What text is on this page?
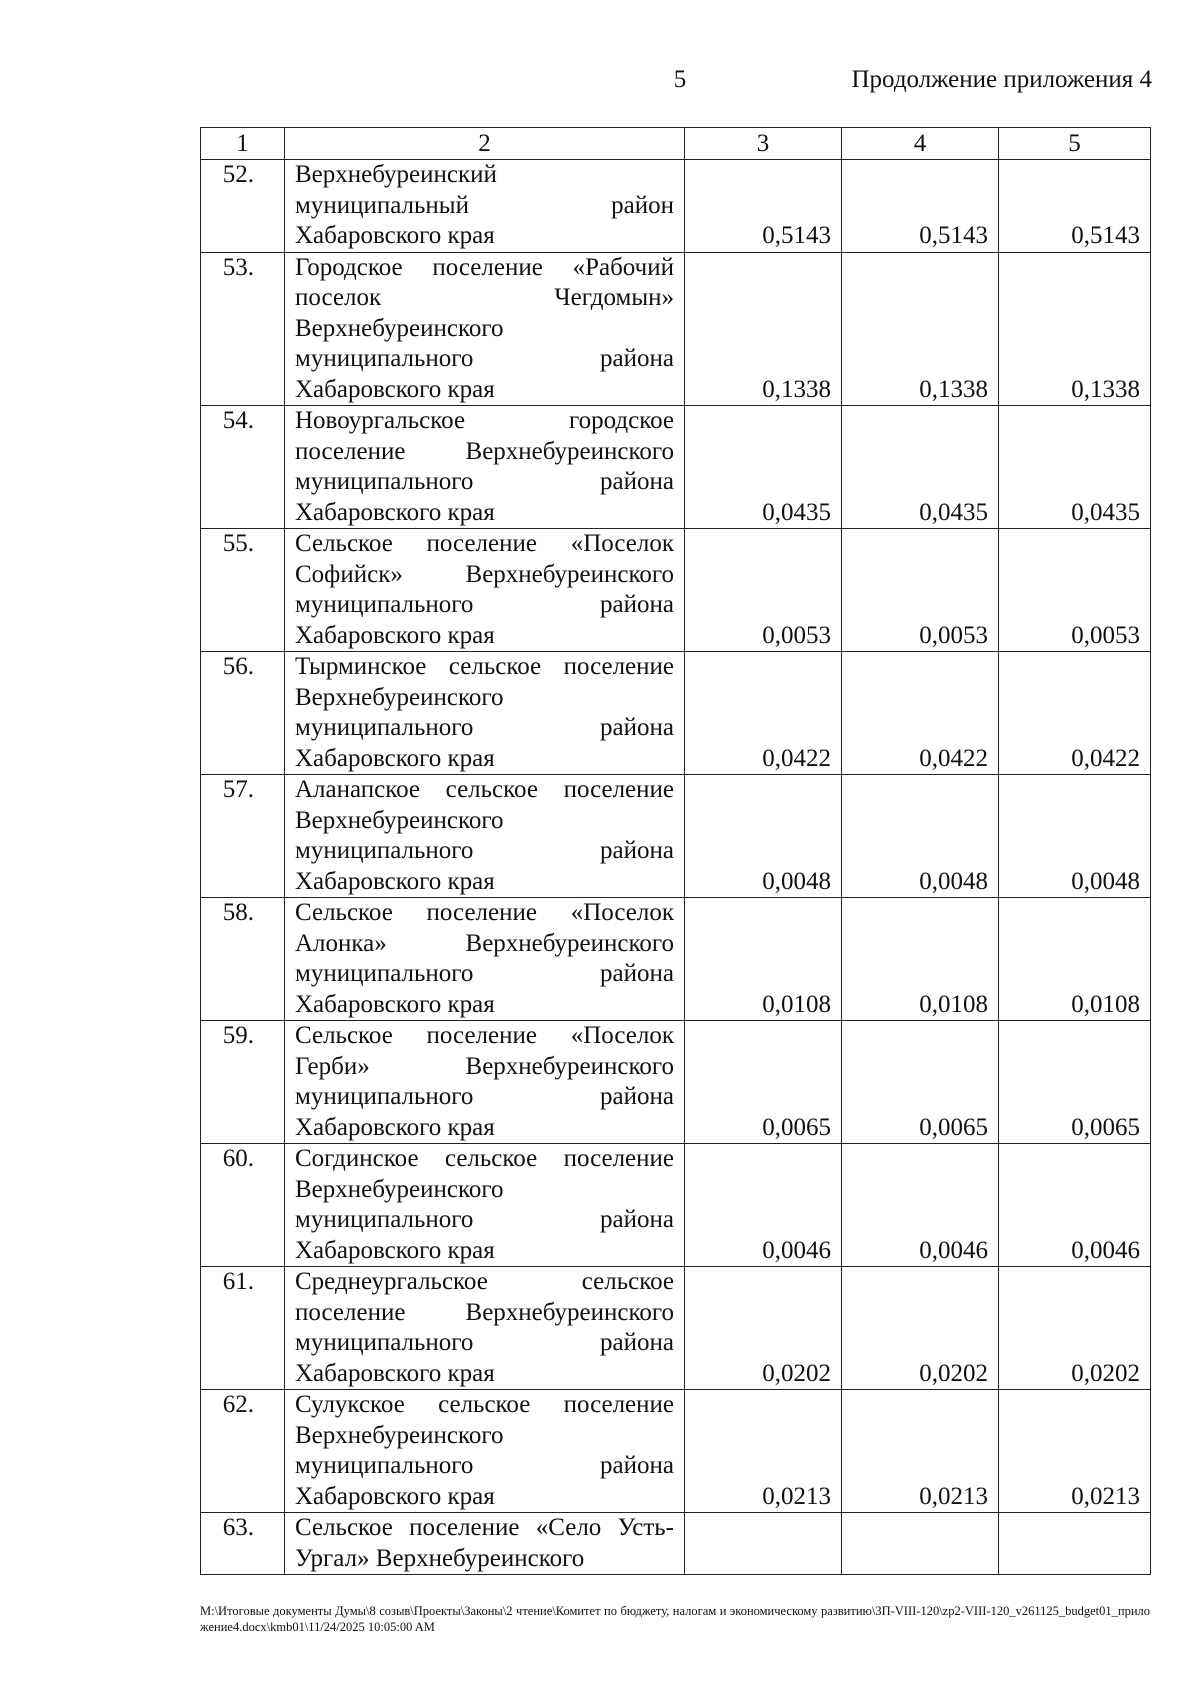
5	Продолжение приложения 4
1	2	3	4	5
52.	Верхнебуреинский муниципальный район Хабаровского края	0,5143	0,5143	0,5143
53.	Городское поселение «Рабочий поселок Чегдомын» Верхнебуреинского муниципального района Хабаровского края	0,1338	0,1338	0,1338
54.	Новоургальское городское поселение Верхнебуреинского муниципального района Хабаровского края	0,0435	0,0435	0,0435
55.	Сельское поселение «Поселок Софийск» Верхнебуреинского муниципального района Хабаровского края	0,0053	0,0053	0,0053
56.	Тырминское сельское поселение Верхнебуреинского муниципального района Хабаровского края	0,0422	0,0422	0,0422
57.	Аланапское сельское поселение Верхнебуреинского муниципального района Хабаровского края	0,0048	0,0048	0,0048
58.	Сельское поселение «Поселок Алонка» Верхнебуреинского муниципального района Хабаровского края	0,0108	0,0108	0,0108
59.	Сельское поселение «Поселок Герби» Верхнебуреинского муниципального района Хабаровского края	0,0065	0,0065	0,0065
60.	Согдинское сельское поселение Верхнебуреинского муниципального района Хабаровского края	0,0046	0,0046	0,0046
61.	Среднеургальское сельское поселение Верхнебуреинского муниципального района Хабаровского края	0,0202	0,0202	0,0202
62.	Сулукское сельское поселение Верхнебуреинского муниципального района Хабаровского края	0,0213	0,0213	0,0213
63.	Сельское поселение «Село Усть-Ургал» Верхнебуреинского			
M:\Итоговые документы Думы\8 созыв\Проекты\Законы\2 чтение\Комитет по бюджету, налогам и экономическому развитию\ЗП-VIII-120\zp2-VIII-120_v261125_budget01_приложение4.docx\kmb01\11/24/2025 10:05:00 AM
